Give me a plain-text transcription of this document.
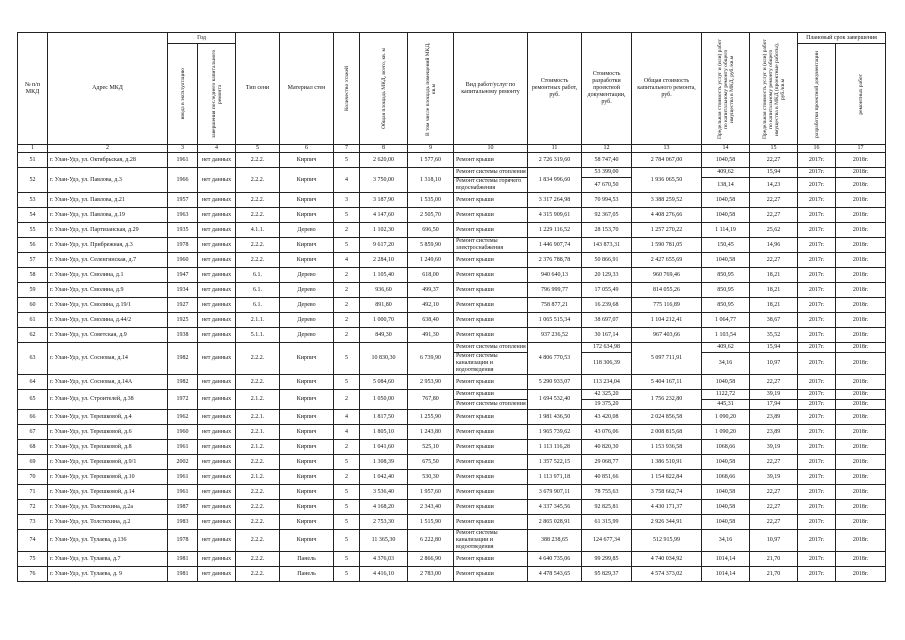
№ п/п МКД	Адрес МКД	Год		Тип сени	Материал стен	Количество этажей	Общая площадь МКД, всего, кв. м	В том числе площадь помещений МКД, кв.м	Вид работ/услуг по капитальному ремонту	Стоимость ремонтных работ, руб.	Стоимость разработки проектной документации, руб.	Общая стоимость капитального ремонта, руб.	Предельная стоимость услуг и (или) работ по капитальному ремонту общего имущества в МКД, руб./кв.м	Предельная стоимость услуг и (или) работ по капитальному ремонту общего имущества в МКД (проектные работы), руб./кв.м	Плановый срок завершения	

		ввода в эксплуатацию	завершения последнего капитального ремонта												разработки проектной документации	ремонтных работ

1	2	3	4	5	6	7	8	9	10	11	12	13	14	15	16	17
51	г. Улан-Удэ, ул. Октябрьская, д.28	1961	нет данных	2.2.2.	Кирпич	5	2 620,00	1 577,60	Ремонт крыши	2 726 319,60	58 747,40	2 784 067,00	1040,58	22,27	2017г.	2018г.
52	г. Улан-Удэ, ул. Павлова, д.3	1966	нет данных	2.2.2.	Кирпич	4	3 750,00	1 318,10	Ремонт системы отопления	1 834 996,60	53 399,00	1 936 065,50	409,62	15,94	2017г.	2018г.
									Ремонт системы горячего водоснабжения		47 670,50		138,14	14,23	2017г.	2018г.
53	г. Улан-Удэ, ул. Павлова, д.21	1957	нет данных	2.2.2.	Кирпич	3	3 187,90	1 535,00	Ремонт крыши	3 317 264,98	70 994,53	3 388 259,52	1040,58	22,27	2017г.	2018г.
54	г. Улан-Удэ, ул. Павлова, д.19	1963	нет данных	2.2.2.	Кирпич	5	4 147,60	2 505,70	Ремонт крыши	4 315 909,61	92 367,05	4 408 276,66	1040,58	22,27	2017г.	2018г.
55	г. Улан-Удэ, ул. Партизанская, д.29	1935	нет данных	4.1.1.	Дерево	2	1 102,30	696,50	Ремонт крыши	1 229 116,52	28 153,70	1 257 270,22	1 114,19	25,62	2017г.	2018г.
56	г. Улан-Удэ, ул. Прибрежная, д.3	1978	нет данных	2.2.2.	Кирпич	5	9 617,20	5 859,90	Ремонт системы электроснабжения	1 446 907,74	143 873,31	1 590 781,05	150,45	14,96	2017г.	2018г.
57	г. Улан-Удэ, ул. Селенгинская, д.7	1960	нет данных	2.2.2.	Кирпич	4	2 284,10	1 249,60	Ремонт крыши	2 376 788,78	50 866,91	2 427 655,69	1040,58	22,27	2017г.	2018г.
58	г. Улан-Удэ, ул. Смолина, д.1	1947	нет данных	6.1.	Дерево	2	1 105,40	618,00	Ремонт крыши	940 640,13	20 129,33	960 769,46	850,95	18,21	2017г.	2018г.
59	г. Улан-Удэ, ул. Смолина, д.9	1934	нет данных	6.1.	Дерево	2	936,60	499,37	Ремонт крыши	796 999,77	17 055,49	814 055,26	850,95	18,21	2017г.	2018г.
60	г. Улан-Удэ, ул. Смолина, д.19/1	1927	нет данных	6.1.	Дерево	2	891,80	492,10	Ремонт крыши	758 877,21	16 239,68	775 116,89	850,95	18,21	2017г.	2018г.
61	г. Улан-Удэ, ул. Смолина, д.44/2	1925	нет данных	2.1.1.	Дерево	2	1 000,70	638,40	Ремонт крыши	1 065 515,34	38 697,07	1 104 212,41	1 064,77	38,67	2017г.	2018г.
62	г. Улан-Удэ, ул. Советская, д.9	1938	нет данных	5.1.1.	Дерево	2	849,30	491,30	Ремонт крыши	937 236,52	30 167,14	967 403,66	1 103,54	35,52	2017г.	2018г.
63	г. Улан-Удэ, ул. Сосновая, д.14	1982	нет данных	2.2.2.	Кирпич	5	10 830,30	6 739,90	Ремонт системы отопления	4 806 770,53	172 634,98	5 097 711,91	409,62	15,94	2017г.	2018г.
									Ремонт системы канализации и водоотведения		118 306,39		34,16	10,97	2017г.	2018г.
64	г. Улан-Удэ, ул. Сосновая, д.14А	1982	нет данных	2.2.2.	Кирпич	5	5 084,60	2 953,90	Ремонт крыши	5 290 933,07	113 234,04	5 404 167,11	1040,58	22,27	2017г.	2018г.
65	г. Улан-Удэ, ул. Строителей, д.38	1972	нет данных	2.1.2.	Кирпич	2	1 050,00	767,80	Ремонт крыши	1 694 532,40	42 325,20	1 756 232,80	1122,72	39,19	2017г.	2018г.
									Ремонт системы отопления		19 375,20		445,31	17,94	2017г.	2018г.
66	г. Улан-Удэ, ул. Терешковой, д.4	1962	нет данных	2.2.1.	Кирпич	4	1 817,50	1 255,90	Ремонт крыши	1 981 436,50	43 420,08	2 024 856,58	1 090,20	23,89	2017г.	2018г.
67	г. Улан-Удэ, ул. Терешковой, д.6	1960	нет данных	2.2.1.	Кирпич	4	1 805,10	1 243,80	Ремонт крыши	1 965 739,62	43 076,06	2 008 815,68	1 090,20	23,89	2017г.	2018г.
68	г. Улан-Удэ, ул. Терешковой, д.8	1961	нет данных	2.1.2.	Кирпич	2	1 041,60	525,10	Ремонт крыши	1 113 116,28	40 820,30	1 153 936,58	1068,66	39,19	2017г.	2018г.
69	г. Улан-Удэ, ул. Терешковой, д.9/1	2002	нет данных	2.2.2.	Кирпич	5	1 308,39	675,50	Ремонт крыши	1 357 522,15	29 068,77	1 386 510,91	1040,58	22,27	2017г.	2018г.
70	г. Улан-Удэ, ул. Терешковой, д.10	1961	нет данных	2.1.2.	Кирпич	2	1 042,40	530,30	Ремонт крыши	1 113 971,18	40 851,66	1 154 822,84	1068,66	39,19	2017г.	2018г.
71	г. Улан-Удэ, ул. Терешковой, д.14	1961	нет данных	2.2.2.	Кирпич	5	3 536,40	1 957,60	Ремонт крыши	3 679 907,11	78 755,63	3 758 662,74	1040,58	22,27	2017г.	2018г.
72	г. Улан-Удэ, ул. Толстихина, д.2а	1987	нет данных	2.2.2.	Кирпич	5	4 168,20	2 343,40	Ремонт крыши	4 337 345,56	92 825,81	4 430 171,37	1040,58	22,27	2017г.	2018г.
73	г. Улан-Удэ, ул. Толстихина, д.2	1983	нет данных	2.2.2.	Кирпич	5	2 753,30	1 515,90	Ремонт крыши	2 865 028,91	61 315,99	2 926 344,91	1040,58	22,27	2017г.	2018г.
74	г. Улан-Удэ, ул. Тулаева, д.136	1978	нет данных	2.2.2.	Кирпич	5	11 365,30	6 222,80	Ремонт системы канализации и водоотведения	388 238,65	124 677,34	512 915,99	34,16	10,97	2017г.	2018г.
75	г. Улан-Удэ, ул. Тулаева, д.7	1981	нет данных	2.2.2.	Панель	5	4 376,03	2 866,90	Ремонт крыши	4 640 735,06	99 299,85	4 740 034,92	1014,14	21,70	2017г.	2018г.
76	г. Улан-Удэ, ул. Тулаева, д. 9	1981	нет данных	2.2.2.	Панель	5	4 416,10	2 783,00	Ремонт крыши	4 478 543,65	95 829,37	4 574 373,02	1014,14	21,70	2017г.	2018г.
